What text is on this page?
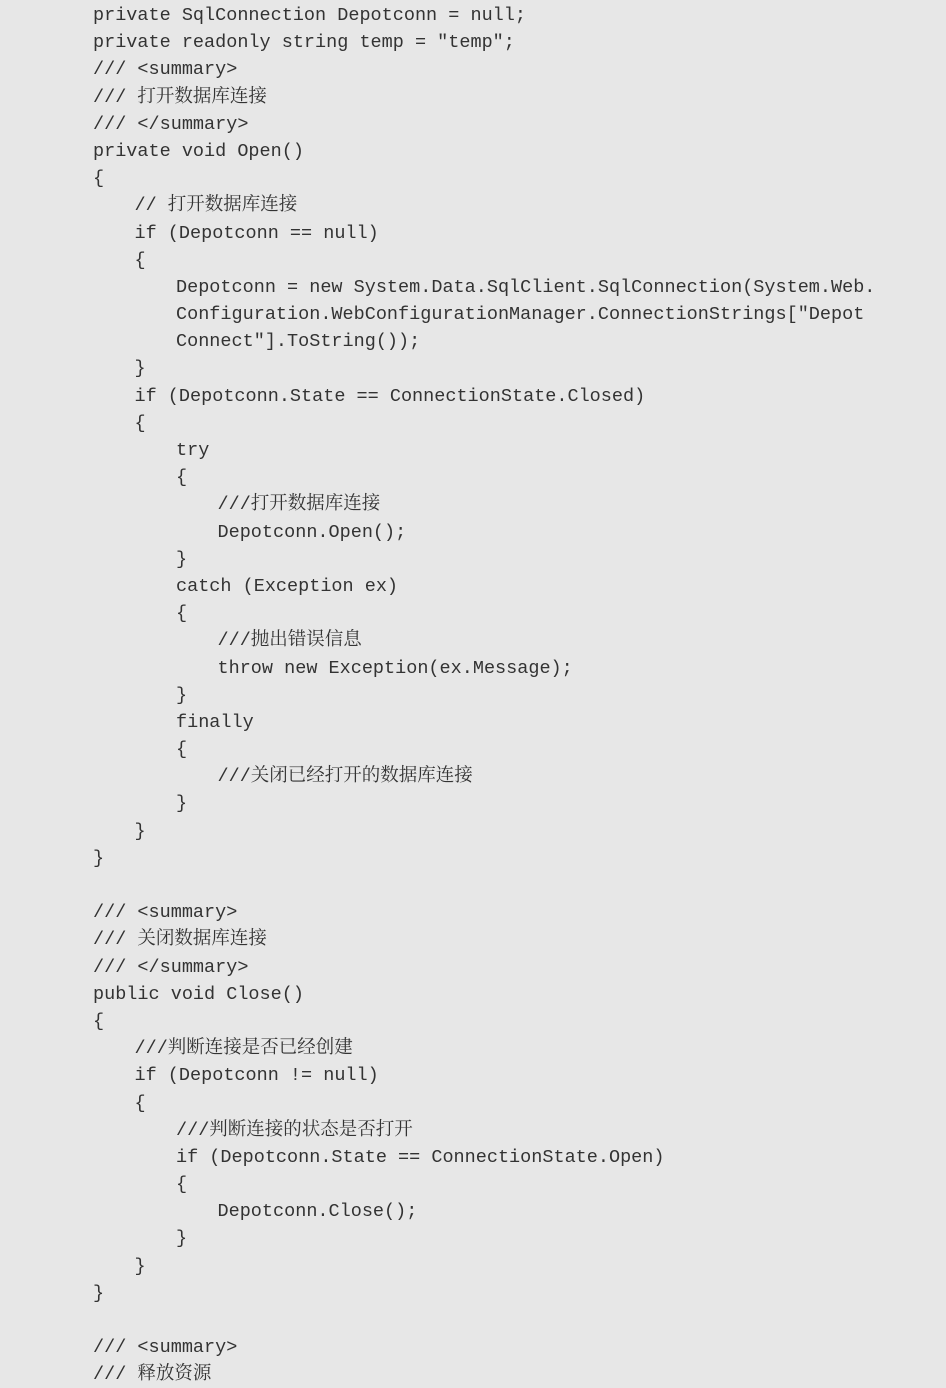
private SqlConnection Depotconn = null;
private readonly string temp = "temp";
/// <summary>
/// 打开数据库连接
/// </summary>
private void Open()
{
// 打开数据库连接
if (Depotconn == null)
{
Depotconn = new System.Data.SqlClient.SqlConnection(System.Web.
Configuration.WebConfigurationManager.ConnectionStrings["Depot
Connect"].ToString());
}
if (Depotconn.State == ConnectionState.Closed)
{
try
{
///打开数据库连接
Depotconn.Open();
}
catch (Exception ex)
{
///抛出错误信息
throw new Exception(ex.Message);
}
finally
{
///关闭已经打开的数据库连接
}
}
}
/// <summary>
/// 关闭数据库连接
/// </summary>
public void Close()
{
///判断连接是否已经创建
if (Depotconn != null)
{
///判断连接的状态是否打开
if (Depotconn.State == ConnectionState.Open)
{
Depotconn.Close();
}
}
}
/// <summary>
/// 释放资源
